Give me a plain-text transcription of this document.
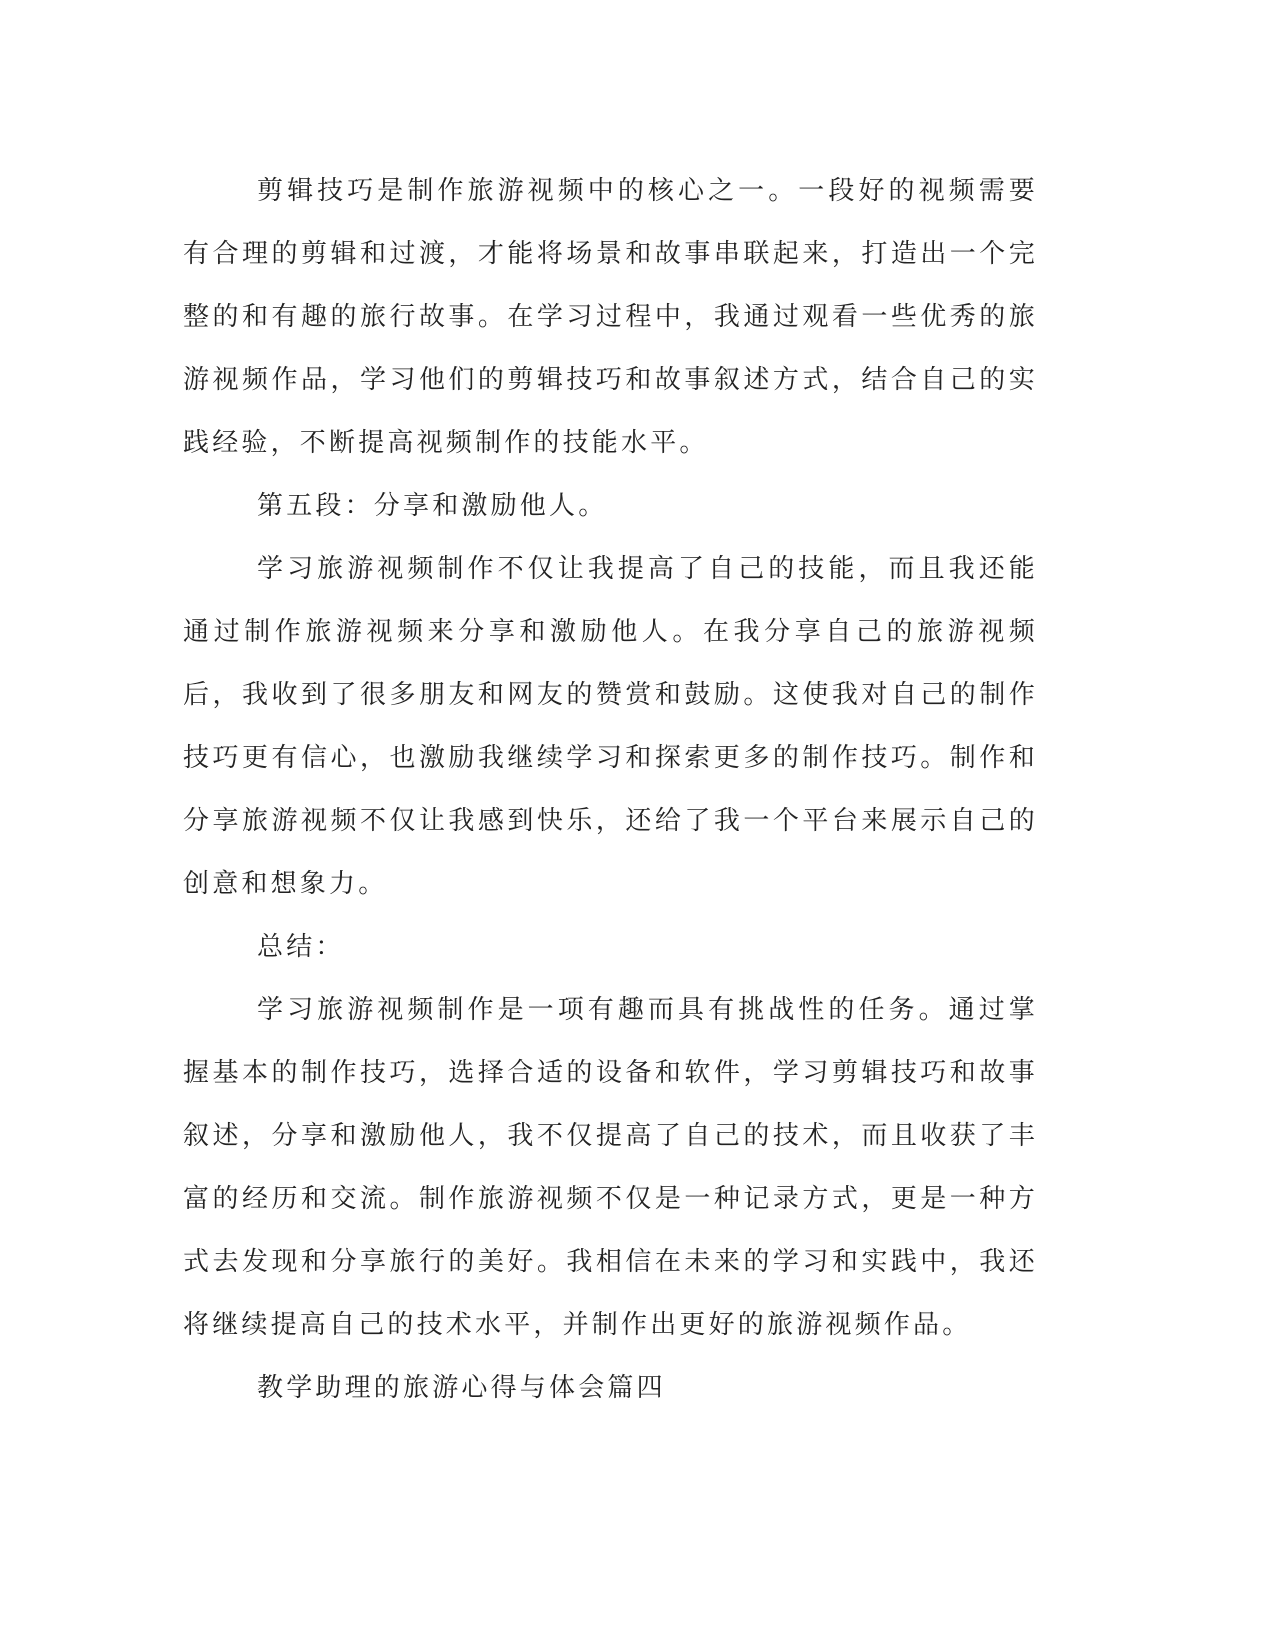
剪辑技巧是制作旅游视频中的核心之一。一段好的视频需要有合理的剪辑和过渡，才能将场景和故事串联起来，打造出一个完整的和有趣的旅行故事。在学习过程中，我通过观看一些优秀的旅游视频作品，学习他们的剪辑技巧和故事叙述方式，结合自己的实践经验，不断提高视频制作的技能水平。

第五段：分享和激励他人。

学习旅游视频制作不仅让我提高了自己的技能，而且我还能通过制作旅游视频来分享和激励他人。在我分享自己的旅游视频后，我收到了很多朋友和网友的赞赏和鼓励。这使我对自己的制作技巧更有信心，也激励我继续学习和探索更多的制作技巧。制作和分享旅游视频不仅让我感到快乐，还给了我一个平台来展示自己的创意和想象力。

总结：

学习旅游视频制作是一项有趣而具有挑战性的任务。通过掌握基本的制作技巧，选择合适的设备和软件，学习剪辑技巧和故事叙述，分享和激励他人，我不仅提高了自己的技术，而且收获了丰富的经历和交流。制作旅游视频不仅是一种记录方式，更是一种方式去发现和分享旅行的美好。我相信在未来的学习和实践中，我还将继续提高自己的技术水平，并制作出更好的旅游视频作品。

教学助理的旅游心得与体会篇四
